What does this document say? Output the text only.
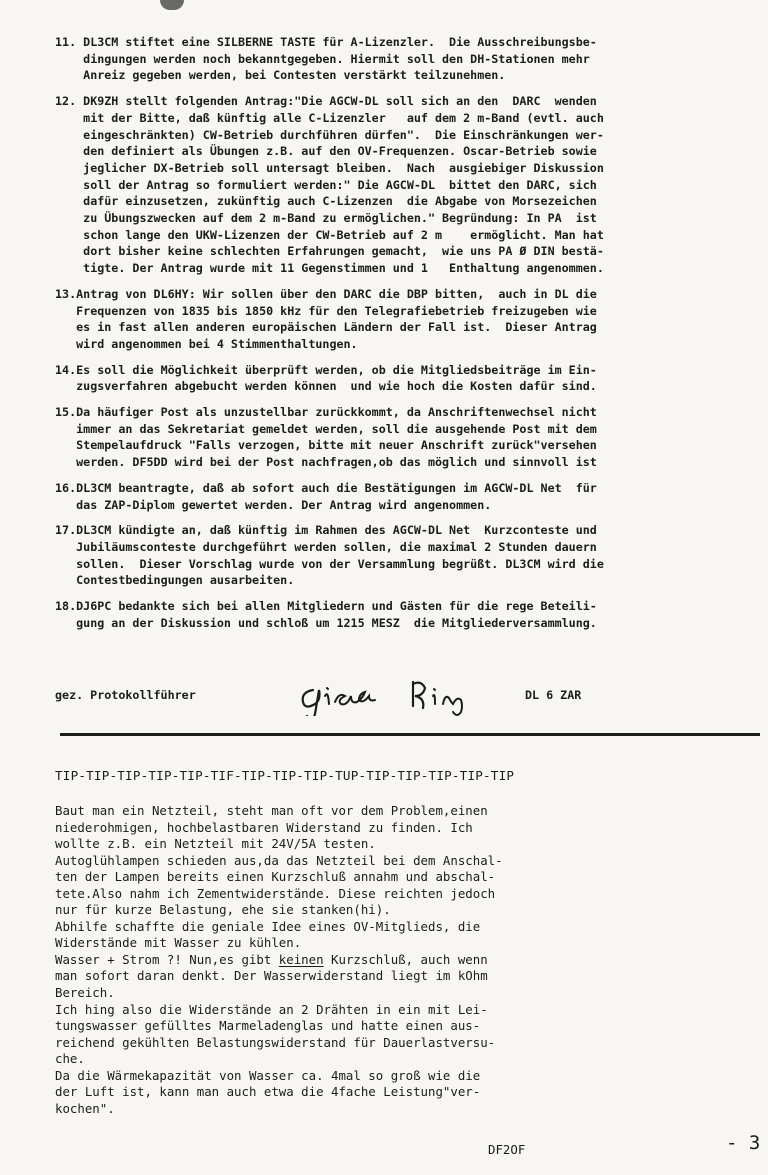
11. DL3CM stiftet eine SILBERNE TASTE für A-Lizenzler.  Die Ausschreibungsbe-
dingungen werden noch bekanntgegeben. Hiermit soll den DH-Stationen mehr
Anreiz gegeben werden, bei Contesten verstärkt teilzunehmen.
12. DK9ZH stellt folgenden Antrag:"Die AGCW-DL soll sich an den  DARC  wenden
mit der Bitte, daß künftig alle C-Lizenzler   auf dem 2 m-Band (evtl. auch
eingeschränkten) CW-Betrieb durchführen dürfen".  Die Einschränkungen wer-
den definiert als Übungen z.B. auf den OV-Frequenzen. Oscar-Betrieb sowie
jeglicher DX-Betrieb soll untersagt bleiben.  Nach  ausgiebiger Diskussion
soll der Antrag so formuliert werden:" Die AGCW-DL  bittet den DARC, sich
dafür einzusetzen, zukünftig auch C-Lizenzen  die Abgabe von Morsezeichen
zu Übungszwecken auf dem 2 m-Band zu ermöglichen." Begründung: In PA  ist
schon lange den UKW-Lizenzen der CW-Betrieb auf 2 m    ermöglicht. Man hat
dort bisher keine schlechten Erfahrungen gemacht,  wie uns PA Ø DIN bestä-
tigte. Der Antrag wurde mit 11 Gegenstimmen und 1   Enthaltung angenommen.
13. Antrag von DL6HY: Wir sollen über den DARC die DBP bitten,  auch in DL die
Frequenzen von 1835 bis 1850 kHz für den Telegrafiebetrieb freizugeben wie
es in fast allen anderen europäischen Ländern der Fall ist.  Dieser Antrag
wird angenommen bei 4 Stimmenthaltungen.
14. Es soll die Möglichkeit überprüft werden, ob die Mitgliedsbeiträge im Ein-
zugsverfahren abgebucht werden können  und wie hoch die Kosten dafür sind.
15. Da häufiger Post als unzustellbar zurückkommt, da Anschriftenwechsel nicht
immer an das Sekretariat gemeldet werden, soll die ausgehende Post mit dem
Stempelaufdruck "Falls verzogen, bitte mit neuer Anschrift zurück"versehen
werden. DF5DD wird bei der Post nachfragen,ob das möglich und sinnvoll ist
16. DL3CM beantragte, daß ab sofort auch die Bestätigungen im AGCW-DL Net  für
das ZAP-Diplom gewertet werden. Der Antrag wird angenommen.
17. DL3CM kündigte an, daß künftig im Rahmen des AGCW-DL Net  Kurzconteste und
Jubiläumsconteste durchgeführt werden sollen, die maximal 2 Stunden dauern
sollen.  Dieser Vorschlag wurde von der Versammlung begrüßt. DL3CM wird die
Contestbedingungen ausarbeiten.
18. DJ6PC bedankte sich bei allen Mitgliedern und Gästen für die rege Beteili-
gung an der Diskussion und schloß um 1215 MESZ  die Mitgliederversammlung.
gez. Protokollführer	DL 6 ZAR
TIP-TIP-TIP-TIP-TIP-TIF-TIP-TIP-TIP-TUP-TIP-TIP-TIP-TIP-TIP
Baut man ein Netzteil, steht man oft vor dem Problem,einen
niederohmigen, hochbelastbaren Widerstand zu finden. Ich
wollte z.B. ein Netzteil mit 24V/5A testen.
Autoglühlampen schieden aus,da das Netzteil bei dem Anschal-
ten der Lampen bereits einen Kurzschluß annahm und abschal-
tete.Also nahm ich Zementwiderstände. Diese reichten jedoch
nur für kurze Belastung, ehe sie stanken(hi).
Abhilfe schaffte die geniale Idee eines OV-Mitglieds, die
Widerstände mit Wasser zu kühlen.
Wasser + Strom ?! Nun,es gibt keinen Kurzschluß, auch wenn
man sofort daran denkt. Der Wasserwiderstand liegt im kOhm
Bereich.
Ich hing also die Widerstände an 2 Drähten in ein mit Lei-
tungswasser gefülltes Marmeladenglas und hatte einen aus-
reichend gekühlten Belastungswiderstand für Dauerlastversu-
che.
Da die Wärmekapazität von Wasser ca. 4mal so groß wie die
der Luft ist, kann man auch etwa die 4fache Leistung"ver-
kochen".
DF2OF	- 3
